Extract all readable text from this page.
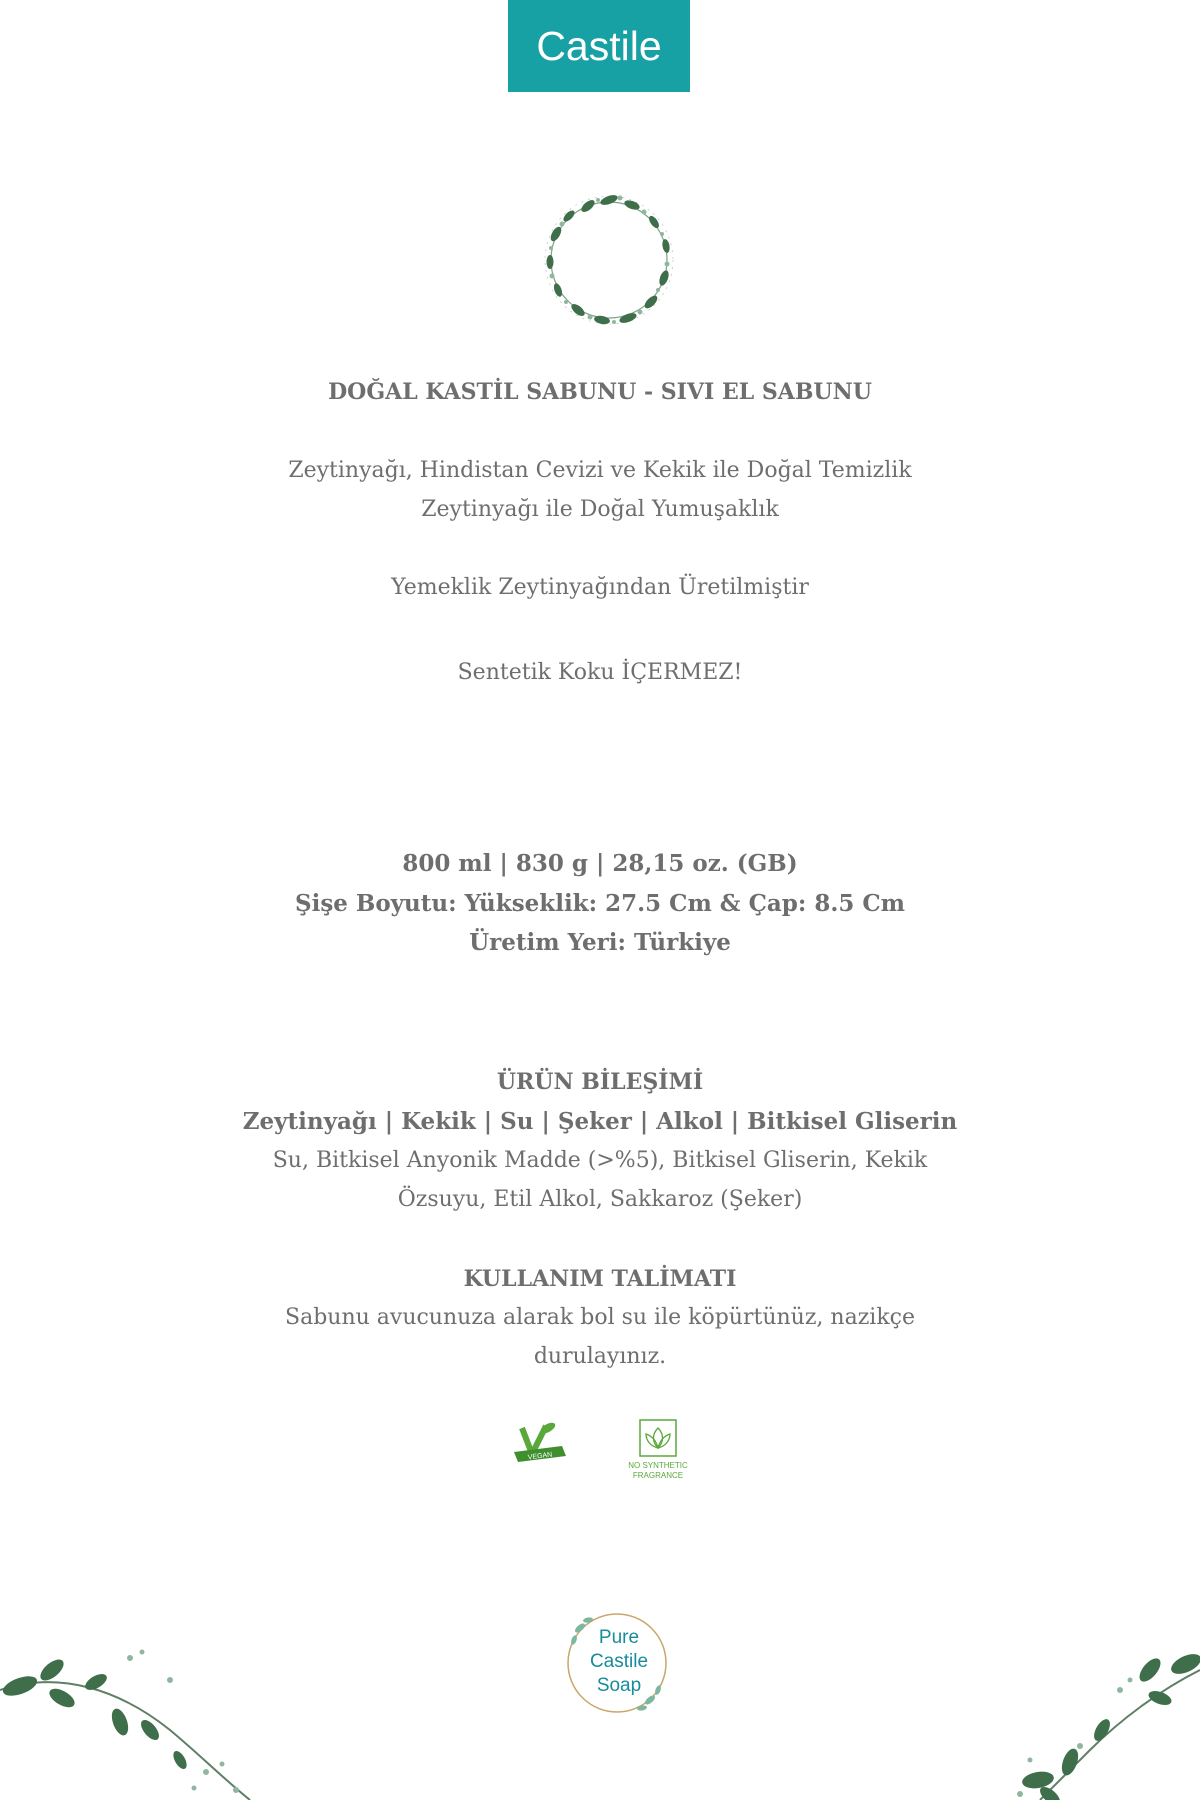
Castile
DOĞAL KASTİL SABUNU - SIVI EL SABUNU
Zeytinyağı, Hindistan Cevizi ve Kekik ile Doğal Temizlik
Zeytinyağı ile Doğal Yumuşaklık
Yemeklik Zeytinyağından Üretilmiştir
Sentetik Koku İÇERMEZ!
800 ml | 830 g | 28,15 oz. (GB)
Şişe Boyutu: Yükseklik: 27.5 Cm & Çap: 8.5 Cm
Üretim Yeri: Türkiye
ÜRÜN BİLEŞİMİ
Zeytinyağı | Kekik | Su | Şeker | Alkol | Bitkisel Gliserin
Su, Bitkisel Anyonik Madde (>%5), Bitkisel Gliserin, Kekik
Özsuyu, Etil Alkol, Sakkaroz (Şeker)
KULLANIM TALİMATI
Sabunu avucunuza alarak bol su ile köpürtünüz, nazikçe
durulayınız.
VEGAN
NO SYNTHETIC
FRAGRANCE
Pure
Castile
Soap
